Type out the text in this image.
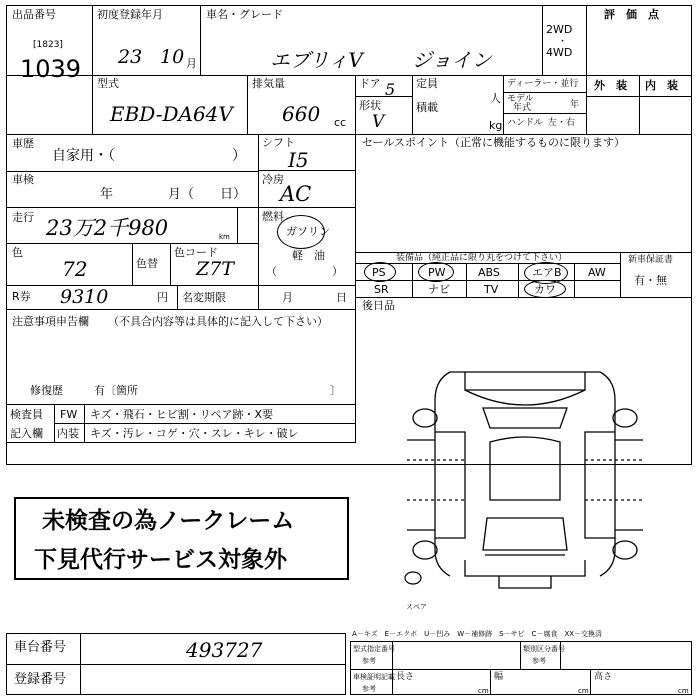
出品番号
[1823]
1039
初度登録年月
23 10 月
車名・グレード
エブリィV ジョイン
2WD
・
4WD
評　価　点
型式
EBD-DA64V
排気量
660 cc
ドア 5
形状
V
定員
人
積載
kg
ディーラー・並行
モデル
年式	年
ハンドル 左・右
外　装 内　装
車歴
自家用・（	）
車検
年	月（ 日）
走行 23万2千980	km
色
72	色替
色コード
Z7T
シフト
I5
冷房
AC
燃料
ガソリン
軽　油
（　　　　　）
R券 9310	円 名変期限	月	日
セールスポイント（正常に機能するものに限ります）
装備品（純正品に限り丸をつけて下さい）
PS	PW	ABS	エアB AW
SR	ナビ	TV	カワ
新車保証書
有・無
後日品
注意事項申告欄 （不具合内容等は具体的に記入して下さい）
修復歴	有〔箇所	〕
検査員
記入欄
FW キズ・飛石・ヒビ割・リペア跡・X要
内装 キズ・汚レ・コゲ・穴・スレ・キレ・破レ
未検査の為ノークレーム
下見代行サービス対象外
スペア
車台番号	493727
登録番号
A－キズ　E－エクボ　U－凹み　W－補修跡　S－サビ　C－腐食　XX－交換済
型式指定番号
参考
類別区分番号
参考
車検証明記載
参考
長さ
cm
幅
cm
高さ
cm
